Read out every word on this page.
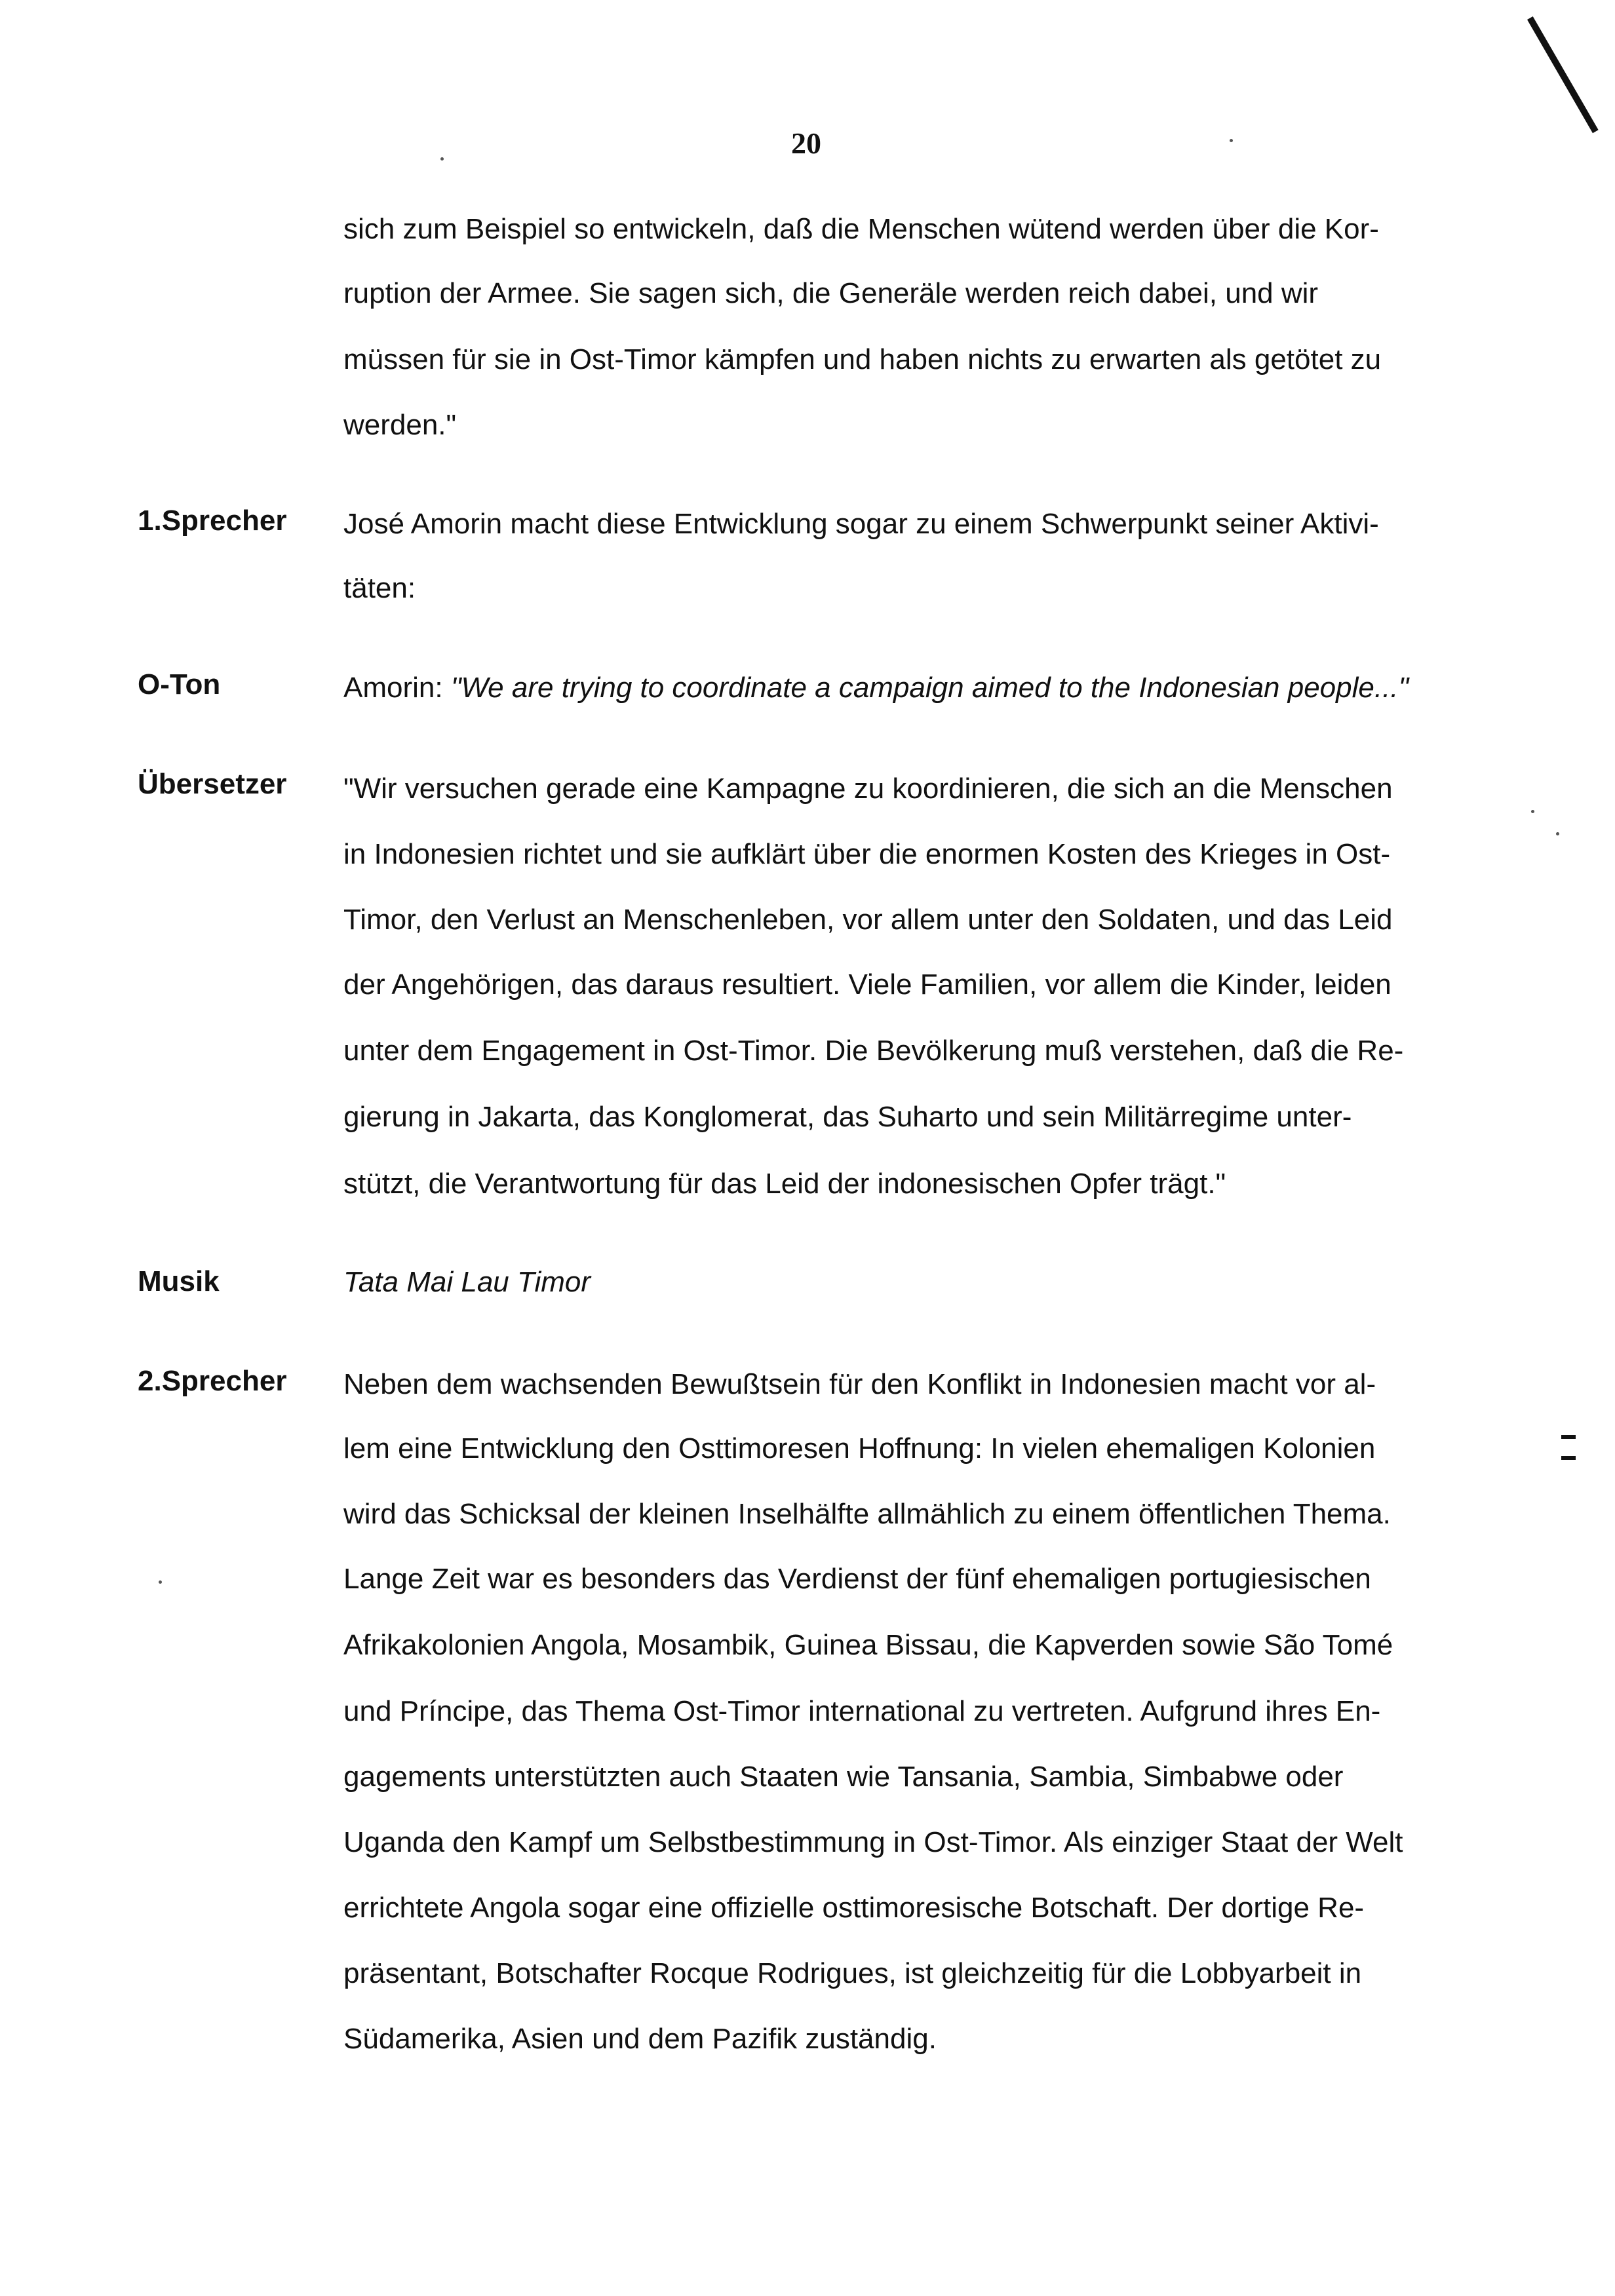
20
sich zum Beispiel so entwickeln, daß die Menschen wütend werden über die Kor-
ruption der Armee. Sie sagen sich, die Generäle werden reich dabei, und wir
müssen für sie in Ost-Timor kämpfen und haben nichts zu erwarten als getötet zu
werden."
1.Sprecher	José Amorin macht diese Entwicklung sogar zu einem Schwerpunkt seiner Aktivi-
täten:
O-Ton	Amorin: "We are trying to coordinate a campaign aimed to the Indonesian people..."
Übersetzer	"Wir versuchen gerade eine Kampagne zu koordinieren, die sich an die Menschen
in Indonesien richtet und sie aufklärt über die enormen Kosten des Krieges in Ost-
Timor, den Verlust an Menschenleben, vor allem unter den Soldaten, und das Leid
der Angehörigen, das daraus resultiert. Viele Familien, vor allem die Kinder, leiden
unter dem Engagement in Ost-Timor. Die Bevölkerung muß verstehen, daß die Re-
gierung in Jakarta, das Konglomerat, das Suharto und sein Militärregime unter-
stützt, die Verantwortung für das Leid der indonesischen Opfer trägt."
Musik	Tata Mai Lau Timor
2.Sprecher	Neben dem wachsenden Bewußtsein für den Konflikt in Indonesien macht vor al-
lem eine Entwicklung den Osttimoresen Hoffnung: In vielen ehemaligen Kolonien
wird das Schicksal der kleinen Inselhälfte allmählich zu einem öffentlichen Thema.
Lange Zeit war es besonders das Verdienst der fünf ehemaligen portugiesischen
Afrikakolonien Angola, Mosambik, Guinea Bissau, die Kapverden sowie São Tomé
und Príncipe, das Thema Ost-Timor international zu vertreten. Aufgrund ihres En-
gagements unterstützten auch Staaten wie Tansania, Sambia, Simbabwe oder
Uganda den Kampf um Selbstbestimmung in Ost-Timor. Als einziger Staat der Welt
errichtete Angola sogar eine offizielle osttimoresische Botschaft. Der dortige Re-
präsentant, Botschafter Rocque Rodrigues, ist gleichzeitig für die Lobbyarbeit in
Südamerika, Asien und dem Pazifik zuständig.
